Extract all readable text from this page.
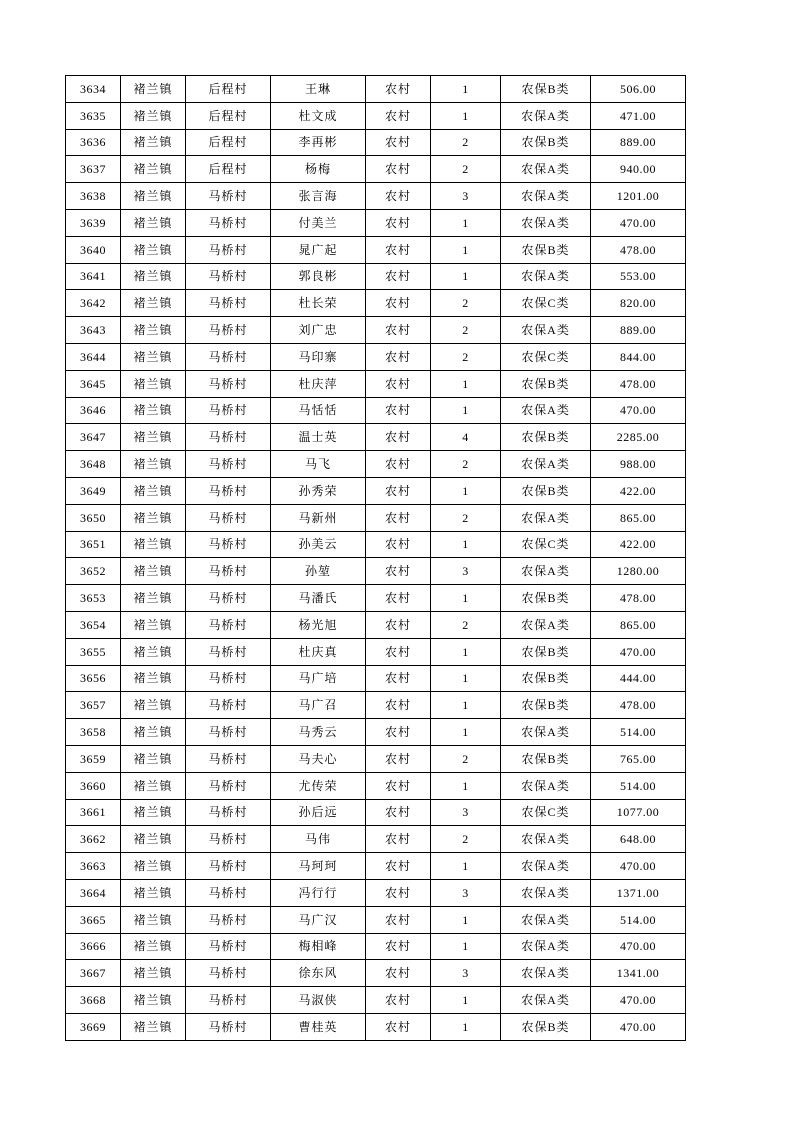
3634	褚兰镇	后程村	王琳	农村	1	农保B类	506.00
3635	褚兰镇	后程村	杜文成	农村	1	农保A类	471.00
3636	褚兰镇	后程村	李再彬	农村	2	农保B类	889.00
3637	褚兰镇	后程村	杨梅	农村	2	农保A类	940.00
3638	褚兰镇	马桥村	张言海	农村	3	农保A类	1201.00
3639	褚兰镇	马桥村	付美兰	农村	1	农保A类	470.00
3640	褚兰镇	马桥村	晁广起	农村	1	农保B类	478.00
3641	褚兰镇	马桥村	郭良彬	农村	1	农保A类	553.00
3642	褚兰镇	马桥村	杜长荣	农村	2	农保C类	820.00
3643	褚兰镇	马桥村	刘广忠	农村	2	农保A类	889.00
3644	褚兰镇	马桥村	马印寨	农村	2	农保C类	844.00
3645	褚兰镇	马桥村	杜庆萍	农村	1	农保B类	478.00
3646	褚兰镇	马桥村	马恬恬	农村	1	农保A类	470.00
3647	褚兰镇	马桥村	温士英	农村	4	农保B类	2285.00
3648	褚兰镇	马桥村	马飞	农村	2	农保A类	988.00
3649	褚兰镇	马桥村	孙秀荣	农村	1	农保B类	422.00
3650	褚兰镇	马桥村	马新州	农村	2	农保A类	865.00
3651	褚兰镇	马桥村	孙美云	农村	1	农保C类	422.00
3652	褚兰镇	马桥村	孙堃	农村	3	农保A类	1280.00
3653	褚兰镇	马桥村	马潘氏	农村	1	农保B类	478.00
3654	褚兰镇	马桥村	杨光旭	农村	2	农保A类	865.00
3655	褚兰镇	马桥村	杜庆真	农村	1	农保B类	470.00
3656	褚兰镇	马桥村	马广培	农村	1	农保B类	444.00
3657	褚兰镇	马桥村	马广召	农村	1	农保B类	478.00
3658	褚兰镇	马桥村	马秀云	农村	1	农保A类	514.00
3659	褚兰镇	马桥村	马夫心	农村	2	农保B类	765.00
3660	褚兰镇	马桥村	尤传荣	农村	1	农保A类	514.00
3661	褚兰镇	马桥村	孙后远	农村	3	农保C类	1077.00
3662	褚兰镇	马桥村	马伟	农村	2	农保A类	648.00
3663	褚兰镇	马桥村	马珂珂	农村	1	农保A类	470.00
3664	褚兰镇	马桥村	冯行行	农村	3	农保A类	1371.00
3665	褚兰镇	马桥村	马广汉	农村	1	农保A类	514.00
3666	褚兰镇	马桥村	梅相峰	农村	1	农保A类	470.00
3667	褚兰镇	马桥村	徐东风	农村	3	农保A类	1341.00
3668	褚兰镇	马桥村	马淑侠	农村	1	农保A类	470.00
3669	褚兰镇	马桥村	曹桂英	农村	1	农保B类	470.00
